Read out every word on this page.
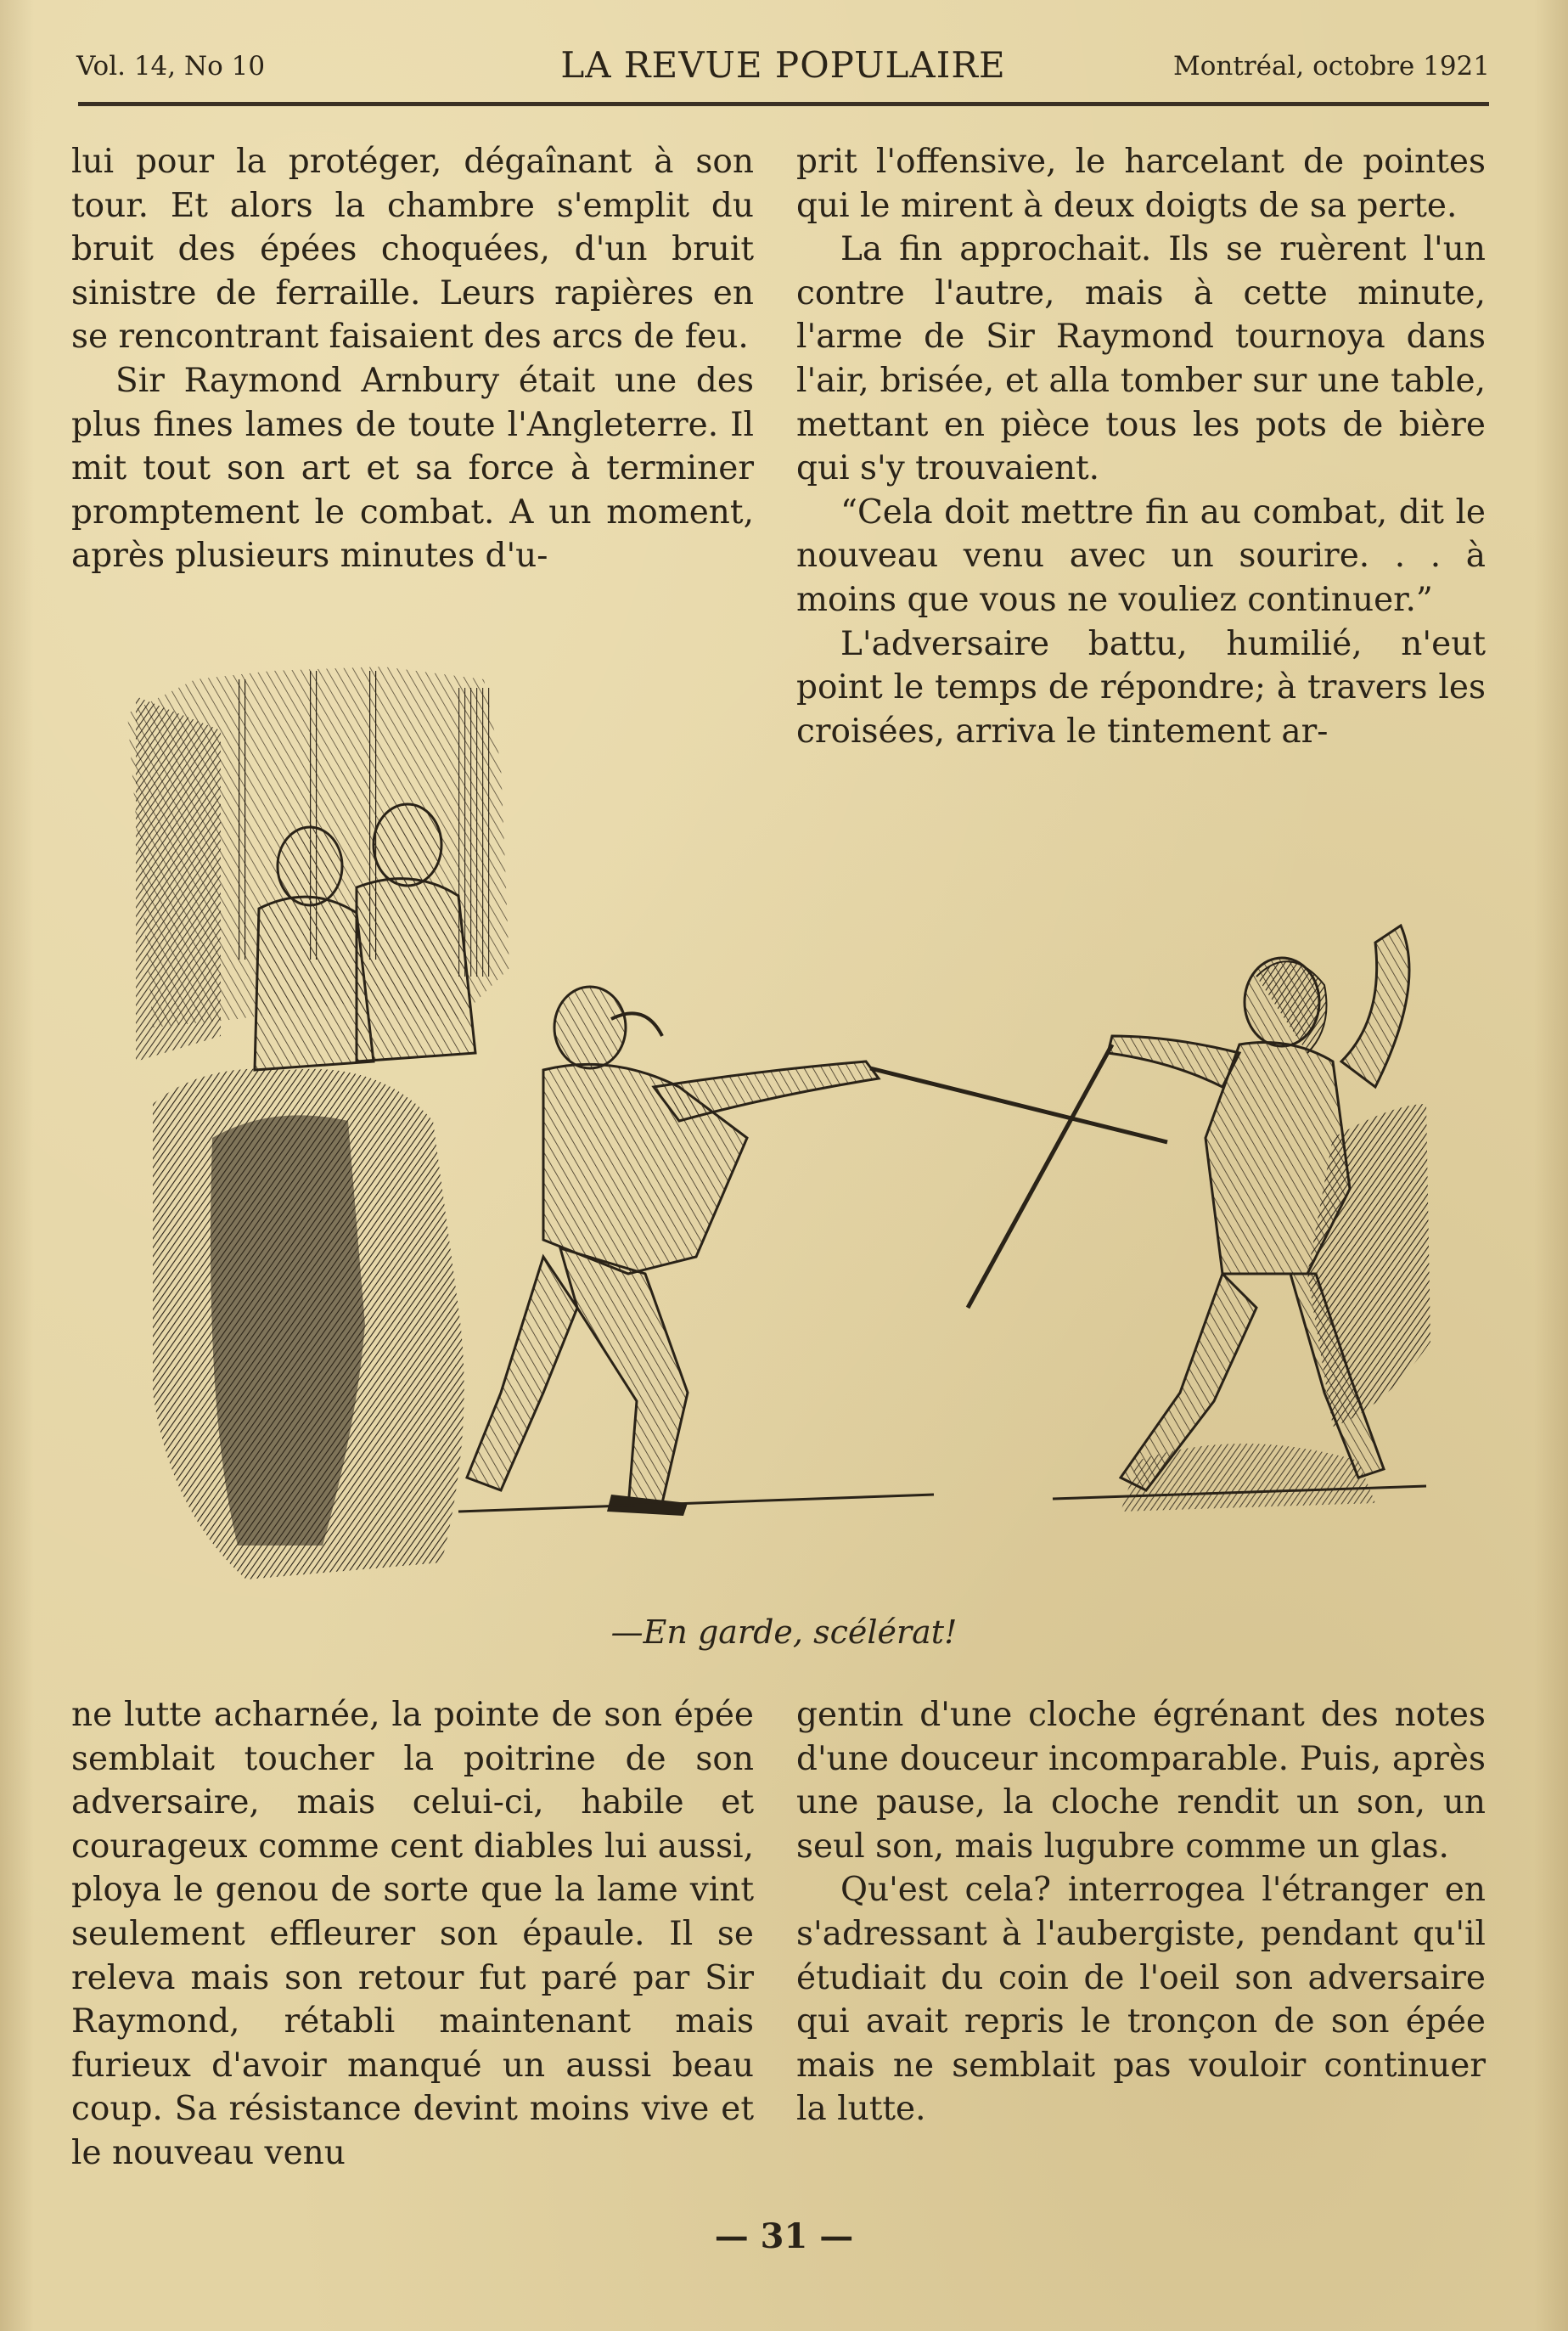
Vol. 14, No 10	LA REVUE POPULAIRE	Montréal, octobre 1921

lui pour la protéger, dégaînant à son tour. Et alors la chambre s'emplit du bruit des épées choquées, d'un bruit sinistre de ferraille. Leurs rapières en se rencontrant faisaient des arcs de feu.

Sir Raymond Arnbury était une des plus fines lames de toute l'Angleterre. Il mit tout son art et sa force à terminer promptement le combat. A un moment, après plusieurs minutes d'u-

prit l'offensive, le harcelant de pointes qui le mirent à deux doigts de sa perte.

La fin approchait. Ils se ruèrent l'un contre l'autre, mais à cette minute, l'arme de Sir Raymond tournoya dans l'air, brisée, et alla tomber sur une table, mettant en pièce tous les pots de bière qui s'y trouvaient.

“Cela doit mettre fin au combat, dit le nouveau venu avec un sourire. . . à moins que vous ne vouliez continuer.”

L'adversaire battu, humilié, n'eut point le temps de répondre; à travers les croisées, arriva le tintement ar-

—En garde, scélérat!

ne lutte acharnée, la pointe de son épée semblait toucher la poitrine de son adversaire, mais celui-ci, habile et courageux comme cent diables lui aussi, ploya le genou de sorte que la lame vint seulement effleurer son épaule. Il se releva mais son retour fut paré par Sir Raymond, rétabli maintenant mais furieux d'avoir manqué un aussi beau coup. Sa résistance devint moins vive et le nouveau venu

gentin d'une cloche égrénant des notes d'une douceur incomparable. Puis, après une pause, la cloche rendit un son, un seul son, mais lugubre comme un glas.

Qu'est cela? interrogea l'étranger en s'adressant à l'aubergiste, pendant qu'il étudiait du coin de l'oeil son adversaire qui avait repris le tronçon de son épée mais ne semblait pas vouloir continuer la lutte.

— 31 —
